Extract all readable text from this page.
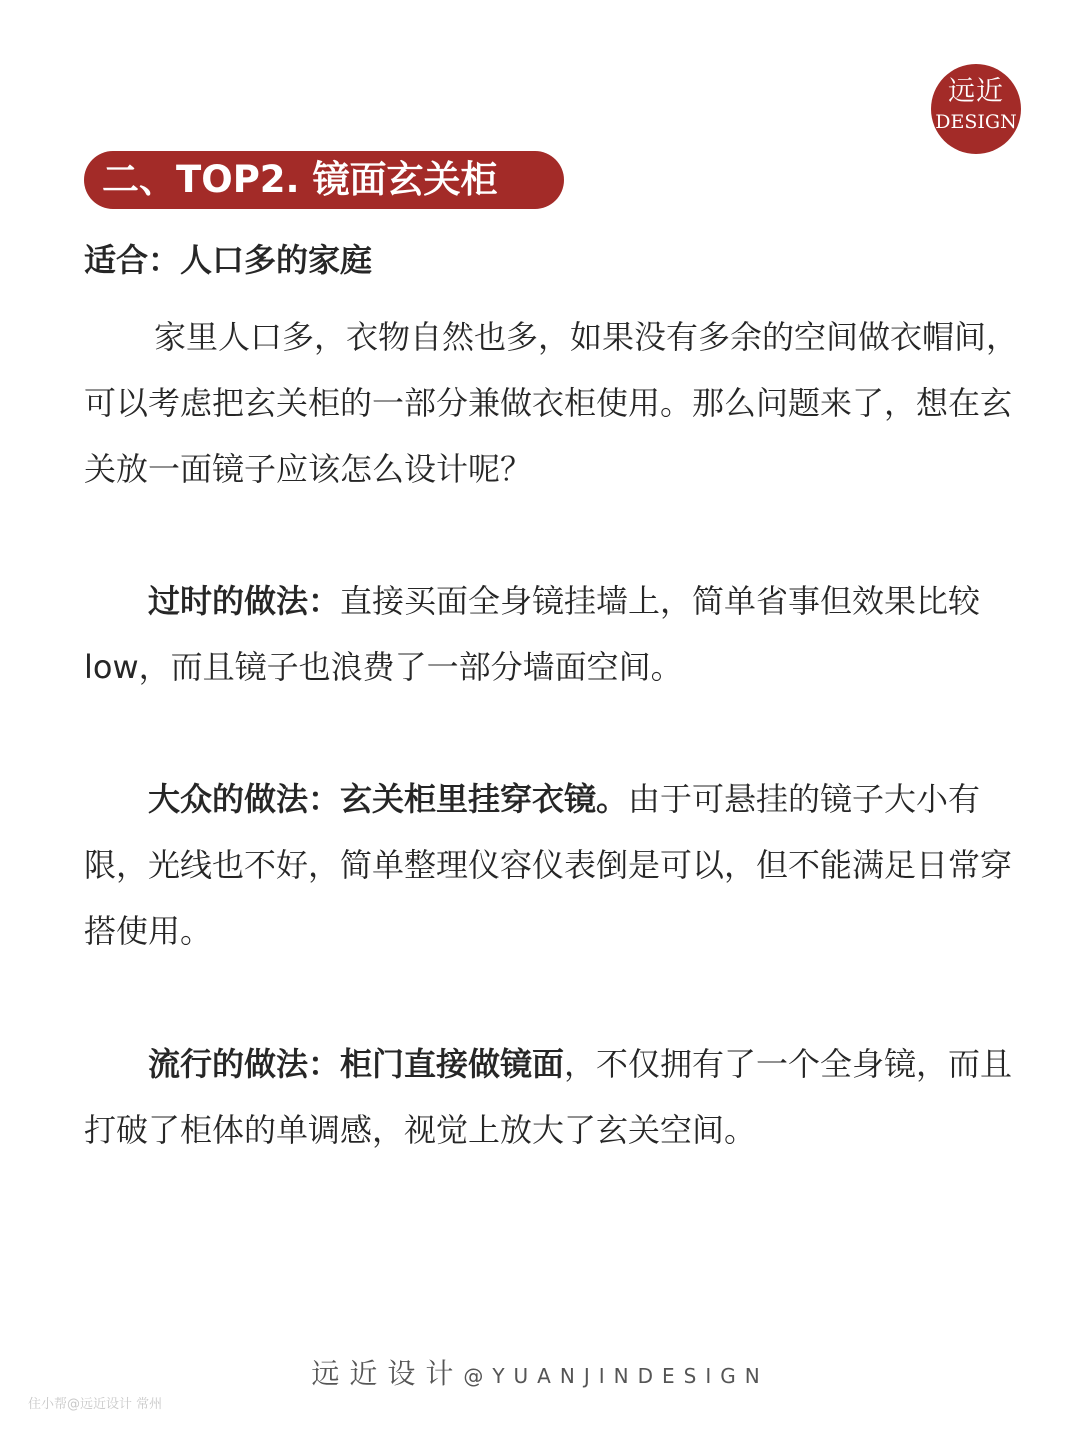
远近
DESIGN
二、TOP2. 镜面玄关柜
适合：人口多的家庭

家里人口多，衣物自然也多，如果没有多余的空间做衣帽间，可以考虑把玄关柜的一部分兼做衣柜使用。那么问题来了，想在玄关放一面镜子应该怎么设计呢？

过时的做法：直接买面全身镜挂墙上，简单省事但效果比较low，而且镜子也浪费了一部分墙面空间。

大众的做法：玄关柜里挂穿衣镜。由于可悬挂的镜子大小有限，光线也不好，简单整理仪容仪表倒是可以，但不能满足日常穿搭使用。

流行的做法：柜门直接做镜面，不仅拥有了一个全身镜，而且打破了柜体的单调感，视觉上放大了玄关空间。

远近设计@YUANJINDESIGN
住小帮@远近设计 常州
